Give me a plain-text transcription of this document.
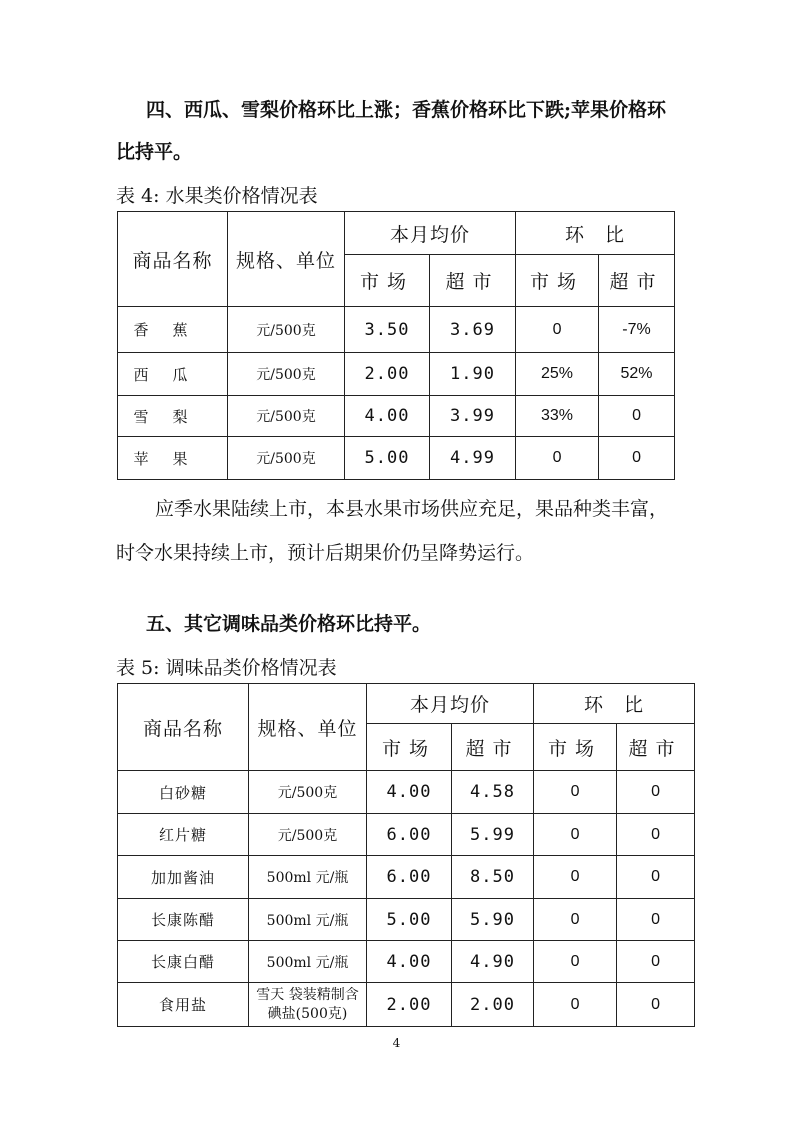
四、西瓜、雪梨价格环比上涨；香蕉价格环比下跌;苹果价格环比持平。
表 4: 水果类价格情况表
商品名称	规格、单位	本月均价		环　比	
		市场	超市	市场	超市
香蕉	元/500克	3.50	3.69	0	-7%
西瓜	元/500克	2.00	1.90	25%	52%
雪梨	元/500克	4.00	3.99	33%	0
苹果	元/500克	5.00	4.99	0	0
应季水果陆续上市，本县水果市场供应充足，果品种类丰富，时令水果持续上市，预计后期果价仍呈降势运行。
五、其它调味品类价格环比持平。
表 5: 调味品类价格情况表
商品名称	规格、单位	本月均价		环　比	
		市场	超市	市场	超市
白砂糖	元/500克	4.00	4.58	0	0
红片糖	元/500克	6.00	5.99	0	0
加加酱油	500ml 元/瓶	6.00	8.50	0	0
长康陈醋	500ml 元/瓶	5.00	5.90	0	0
长康白醋	500ml 元/瓶	4.00	4.90	0	0
食用盐	雪天 袋装精制含碘盐(500克)	2.00	2.00	0	0
4
